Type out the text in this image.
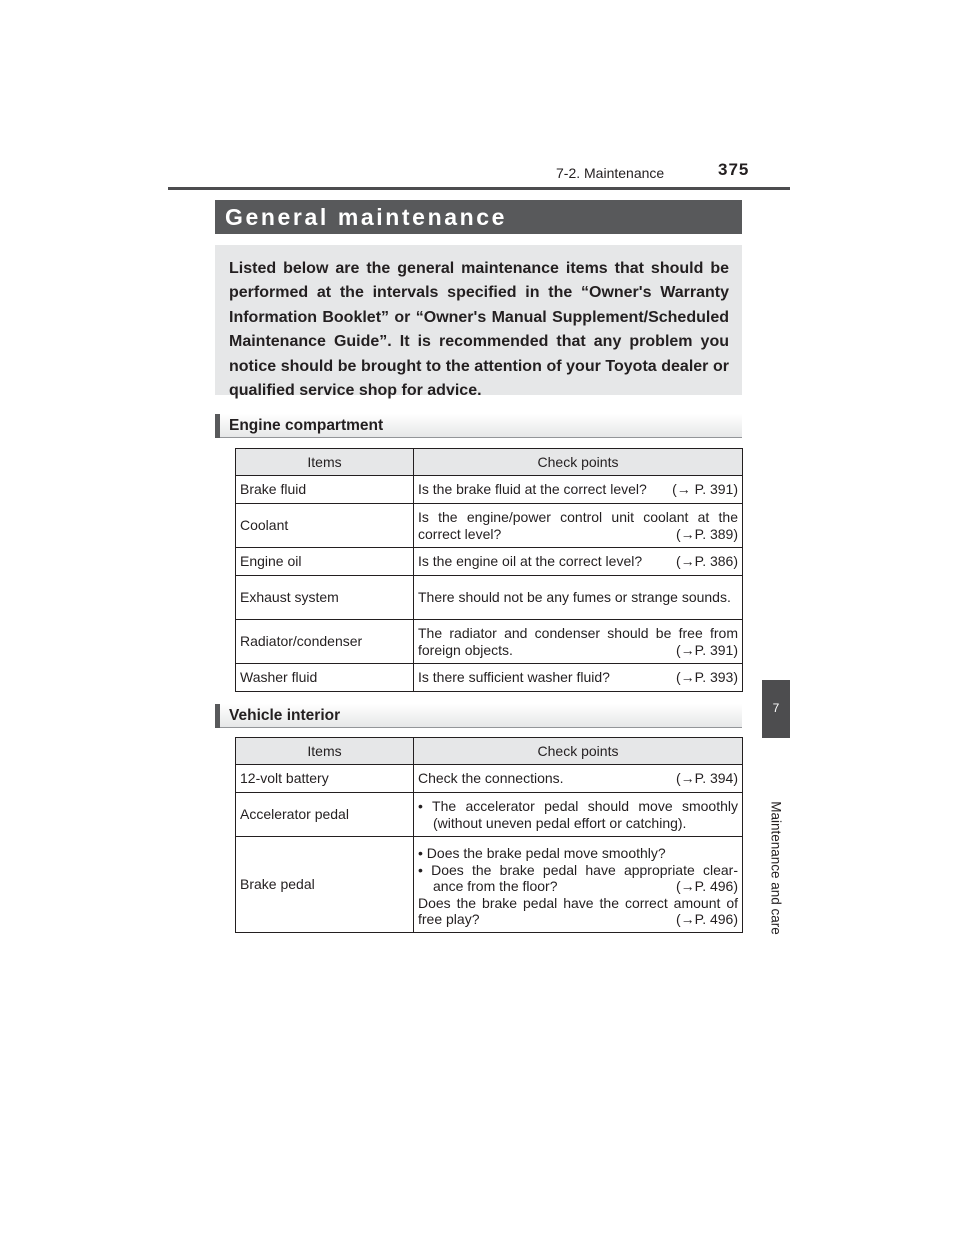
7-2. Maintenance	375
7
Maintenance and care
General maintenance
Listed below are the general maintenance items that should be performed at the intervals specified in the “Owner's Warranty Information Booklet” or “Owner's Manual Supplement/Scheduled Maintenance Guide”. It is recommended that any problem you notice should be brought to the attention of your Toyota dealer or qualified service shop for advice.
Engine compartment
Items	Check points
Brake fluid	Is the brake fluid at the correct level? (→ P. 391)

Coolant	Is the engine/power control unit coolant at the correct level? (→P. 389)

Engine oil	Is the engine oil at the correct level? (→P. 386)

Exhaust system	There should not be any fumes or strange sounds.
Radiator/condenser	The radiator and condenser should be free from foreign objects. (→P. 391)

Washer fluid	Is there sufficient washer fluid? (→P. 393)
Vehicle interior
Items	Check points
12-volt battery	Check the connections. (→P. 394)

Accelerator pedal	• The accelerator pedal should move smoothly (without uneven pedal effort or catching).

Brake pedal	• Does the brake pedal move smoothly?
• Does the brake pedal have appropriate clear-ance from the floor? (→P. 496)
Does the brake pedal have the correct amount of free play? (→P. 496)
